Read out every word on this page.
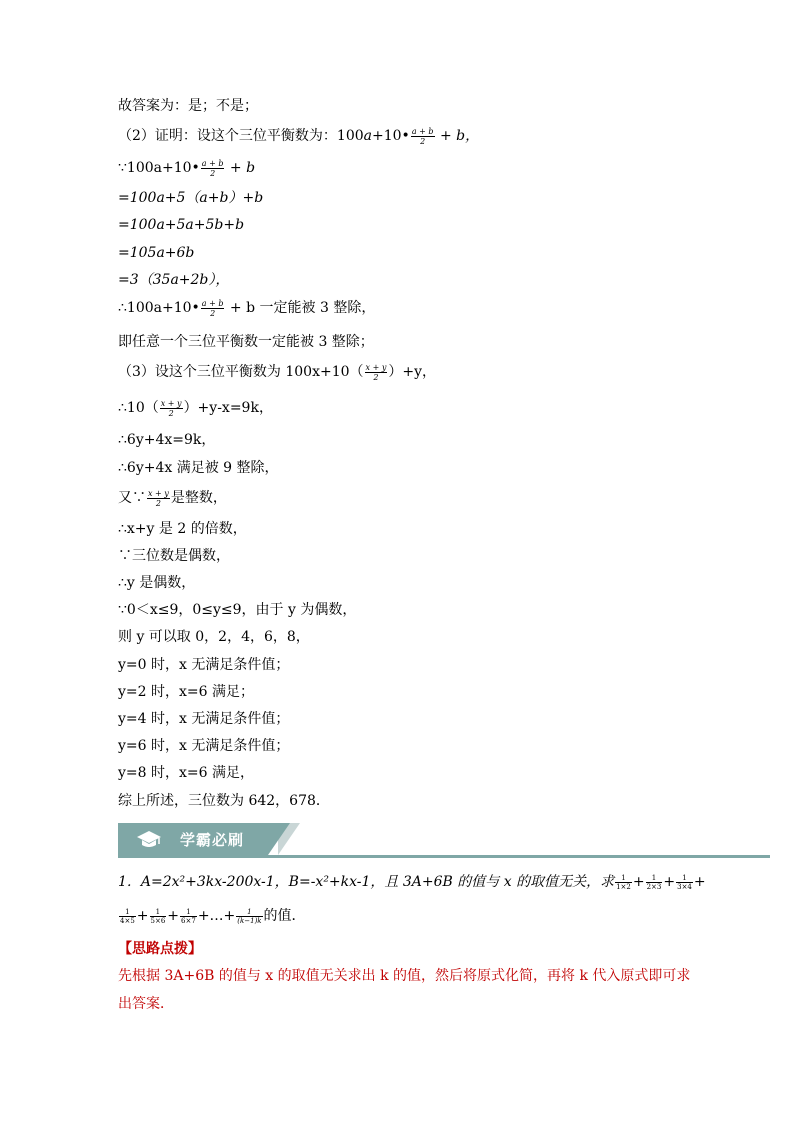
故答案为：是；不是；
（2）证明：设这个三位平衡数为：100a+10• $\frac{a + b}{2} + b$，
∵100a+10• $\frac{a + b}{2} + b$
=100a+5（a+b）+b
=100a+5a+5b+b
=105a+6b
=3（35a+2b），
∴100a+10• $\frac{a + b}{2} + b$ 一定能被 3 整除，
即任意一个三位平衡数一定能被 3 整除；
（3）设这个三位平衡数为 $100x+10( \frac{x + y}{2} )+y$，
∴10（ $\frac{x + y}{2} )+y-x=9k$，
∴6y+4x=9k，
∴6y+4x 满足被 9 整除，
又∵ $\frac{x + y}{2}$ 是整数，
∴x+y 是 2 的倍数，
∵三位数是偶数，
∴y 是偶数，
∵0＜x≤9，0≤y≤9，由于 y 为偶数，
则 y 可以取 0，2，4，6，8，
y=0 时，x 无满足条件值；
y=2 时，x=6 满足；
y=4 时，x 无满足条件值；
y=6 时，x 无满足条件值；
y=8 时，x=6 满足，
综上所述，三位数为 642，678．
学霸必刷
1．A=2x²+3kx-200x-1，B=-x²+kx-1，且 3A+6B 的值与 x 的取值无关，求 $\frac{1}{1\times 2} + \frac{1}{2\times 3} + \frac{1}{3\times 4}$ +
$\frac{1}{4\times 5} + \frac{1}{5\times 6} + \frac{1}{6\times 7}$ +…+ $\frac{1}{(k-1)k}$ 的值．
【思路点拨】
先根据 3A+6B 的值与 x 的取值无关求出 k 的值，然后将原式化简，再将 k 代入原式即可求
出答案．
